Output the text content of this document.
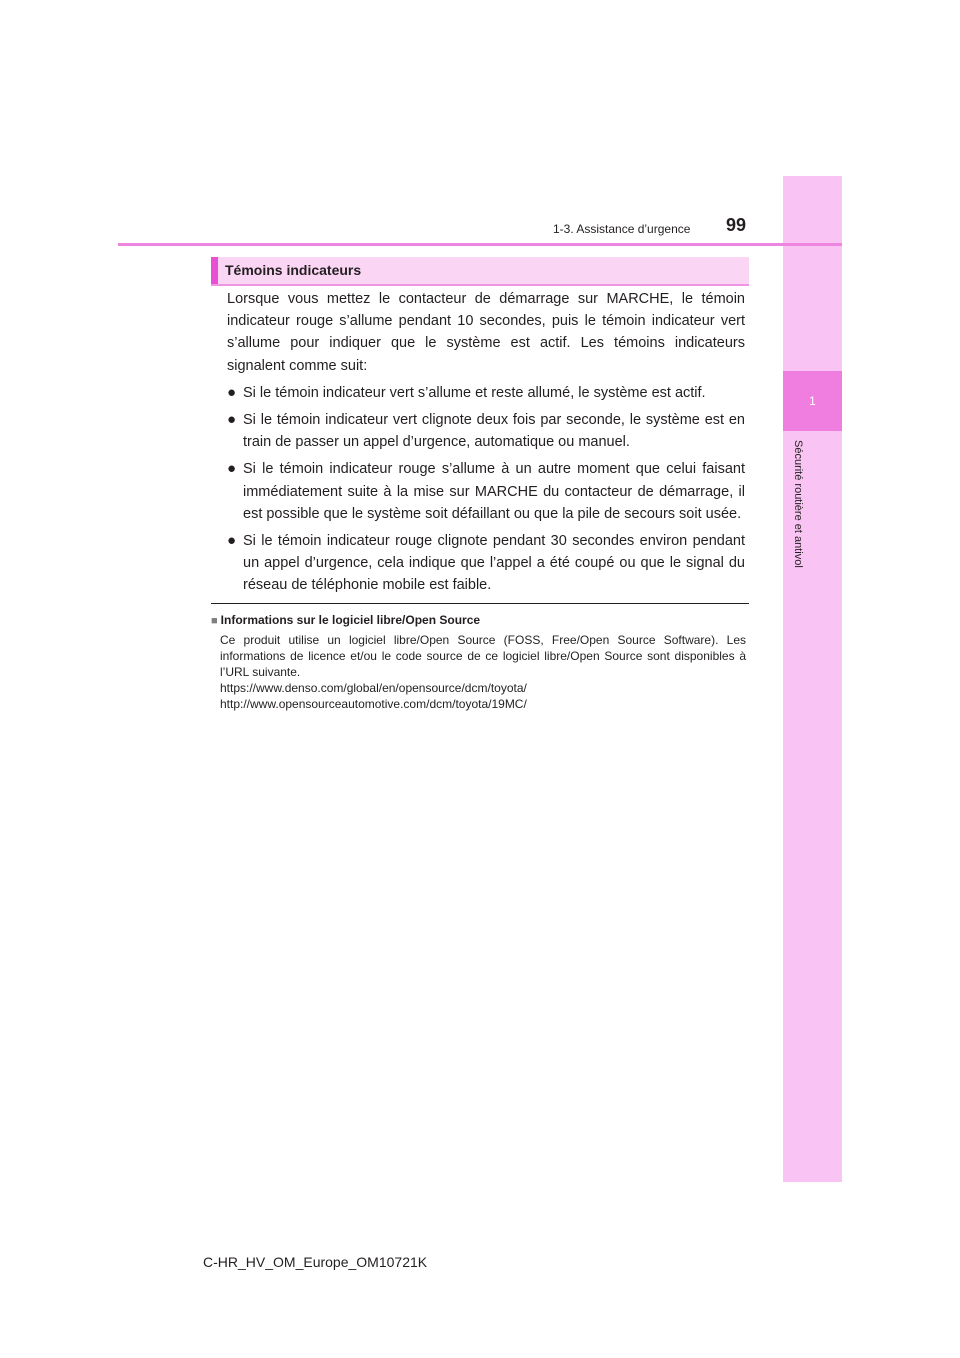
1
Sécurité routière et antivol
1-3. Assistance d’urgence 99
Témoins indicateurs

Lorsque vous mettez le contacteur de démarrage sur MARCHE, le témoin indicateur rouge s’allume pendant 10 secondes, puis le témoin indicateur vert s’allume pour indiquer que le système est actif. Les témoins indicateurs signalent comme suit:

● Si le témoin indicateur vert s’allume et reste allumé, le système est actif.
● Si le témoin indicateur vert clignote deux fois par seconde, le système est en train de passer un appel d’urgence, automatique ou manuel.
● Si le témoin indicateur rouge s’allume à un autre moment que celui faisant immédiatement suite à la mise sur MARCHE du contacteur de démarrage, il est possible que le système soit défaillant ou que la pile de secours soit usée.
● Si le témoin indicateur rouge clignote pendant 30 secondes environ pendant un appel d’urgence, cela indique que l’appel a été coupé ou que le signal du réseau de téléphonie mobile est faible.
■ Informations sur le logiciel libre/Open Source
Ce produit utilise un logiciel libre/Open Source (FOSS, Free/Open Source Software). Les informations de licence et/ou le code source de ce logiciel libre/Open Source sont disponibles à l’URL suivante.
https://www.denso.com/global/en/opensource/dcm/toyota/
http://www.opensourceautomotive.com/dcm/toyota/19MC/
C-HR_HV_OM_Europe_OM10721K
